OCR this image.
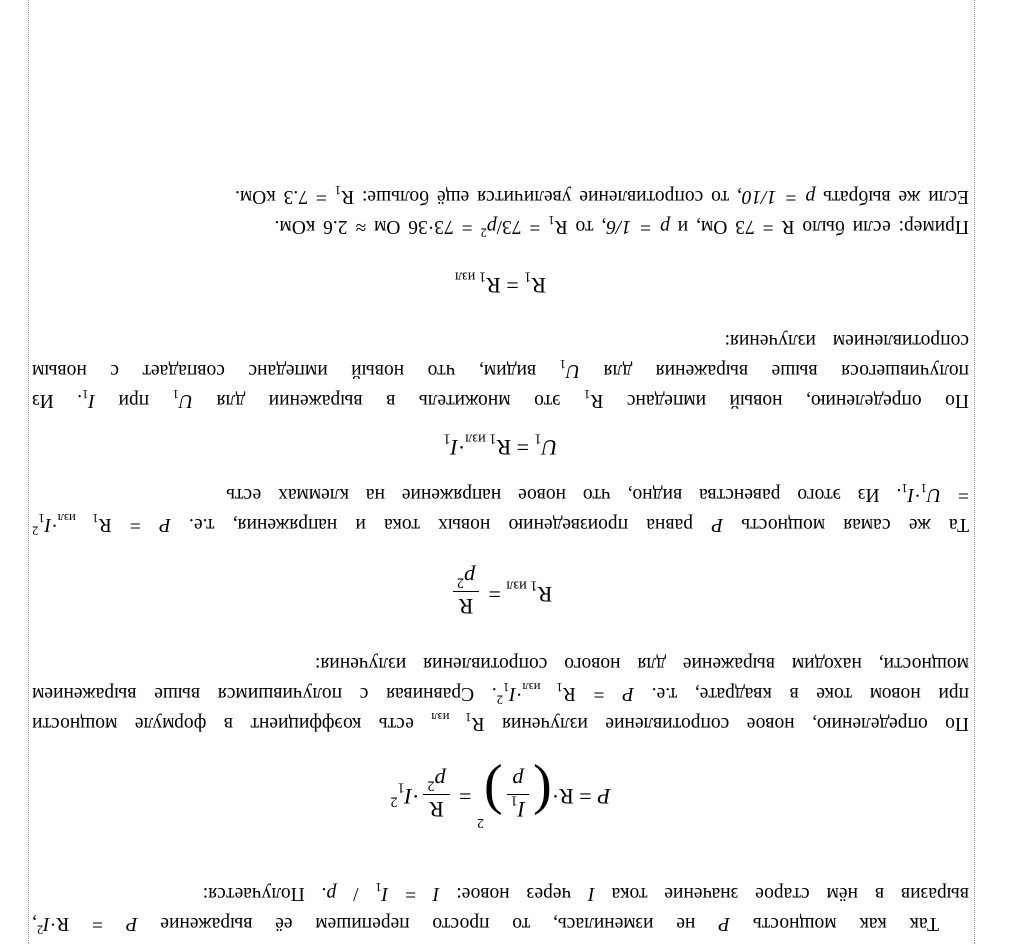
Так как мощность P не изменилась, то просто перепишем её выражение $P = R\cdot I^2$, выразив в нём старое значение тока I через новое: $I = I_1 / p$. Получается:

P = R·(
$I_1$
p
)$^2$ =
R
$p^2$
$\cdot I_1^2$

По определению, новое сопротивление излучения $R_{1 изл}$ есть коэффициент в формуле мощности при новом токе в квадрате, т.е. $P = R_{1 изл}\cdot I_1^2$. Сравнивая с получившимся выше выражением мощности, находим выражение для нового сопротивления излучения:

$R_{1 изл}$ =
R
$p^2$

Та же самая мощность P равна произведению новых тока и напряжения, т.е. $P = R_{1 изл}\cdot I_1^2 = U_1\cdot I_1$. Из этого равенства видно, что новое напряжение на клеммах есть

$U_1 = R_{1 изл}\cdot I_1$

По определению, новый импеданс $R_1$ это множитель в выражении для $U_1$ при $I_1$. Из получившегося выше выражения для $U_1$ видим, что новый импеданс совпадает с новым сопротивлением излучения:

$R_1 = R_{1 изл}$

Пример: если было R = 73 Ом, и p = 1/6, то $R_1 = 73/p^2 = 73\cdot 36$ Ом ≈ 2.6 кОм.

Если же выбрать p = 1/10, то сопротивление увеличится ещё больше: $R_1 = 7.3$ кОм.
